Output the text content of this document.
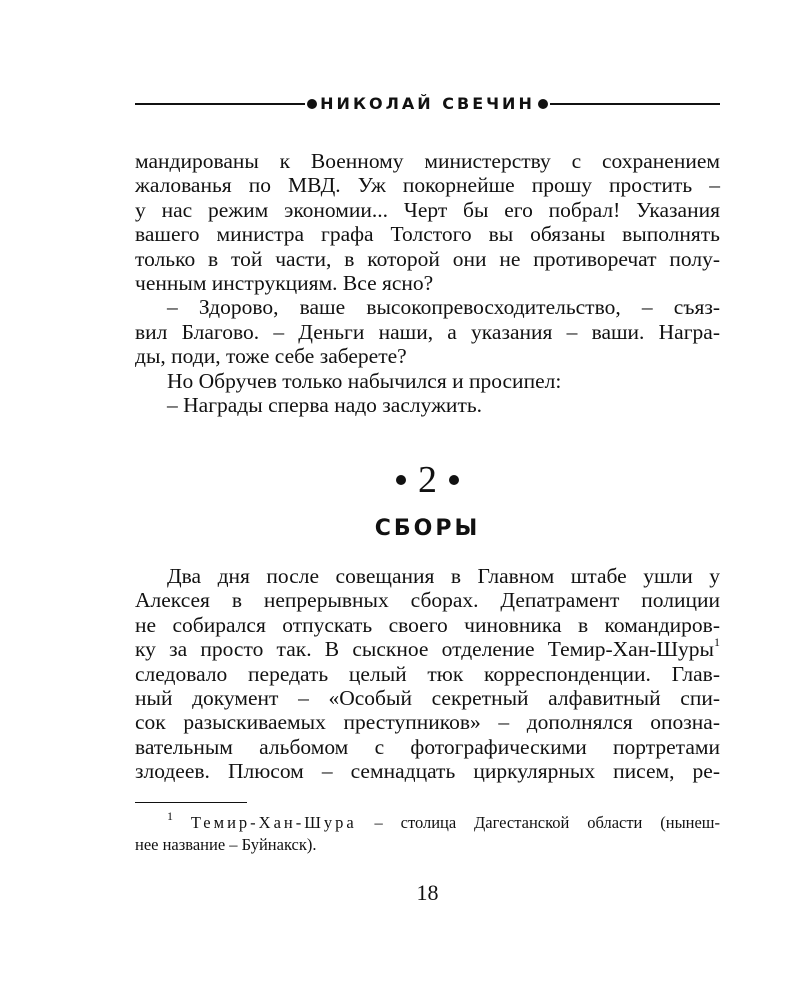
НИКОЛАЙ СВЕЧИН

мандированы к Военному министерству с сохранением

жалованья по МВД. Уж покорнейше прошу простить –

у нас режим экономии... Черт бы его побрал! Указания

вашего министра графа Толстого вы обязаны выполнять

только в той части, в которой они не противоречат полу-

ченным инструкциям. Все ясно?

– Здорово, ваше высокопревосходительство, – съяз-

вил Благово. – Деньги наши, а указания – ваши. Награ-

ды, поди, тоже себе заберете?

Но Обручев только набычился и просипел:

– Награды сперва надо заслужить.

2
СБОРЫ

Два дня после совещания в Главном штабе ушли у

Алексея в непрерывных сборах. Депатрамент полиции

не собирался отпускать своего чиновника в командиров-

ку за просто так. В сыскное отделение Темир-Хан-Шуры$^1$

следовало передать целый тюк корреспонденции. Глав-

ный документ – «Особый секретный алфавитный спи-

сок разыскиваемых преступников» – дополнялся опозна-

вательным альбомом с фотографическими портретами

злодеев. Плюсом – семнадцать циркулярных писем, ре-

$^1$ Темир-Хан-Шура – столица Дагестанской области (нынеш-

нее название – Буйнакск).

18
